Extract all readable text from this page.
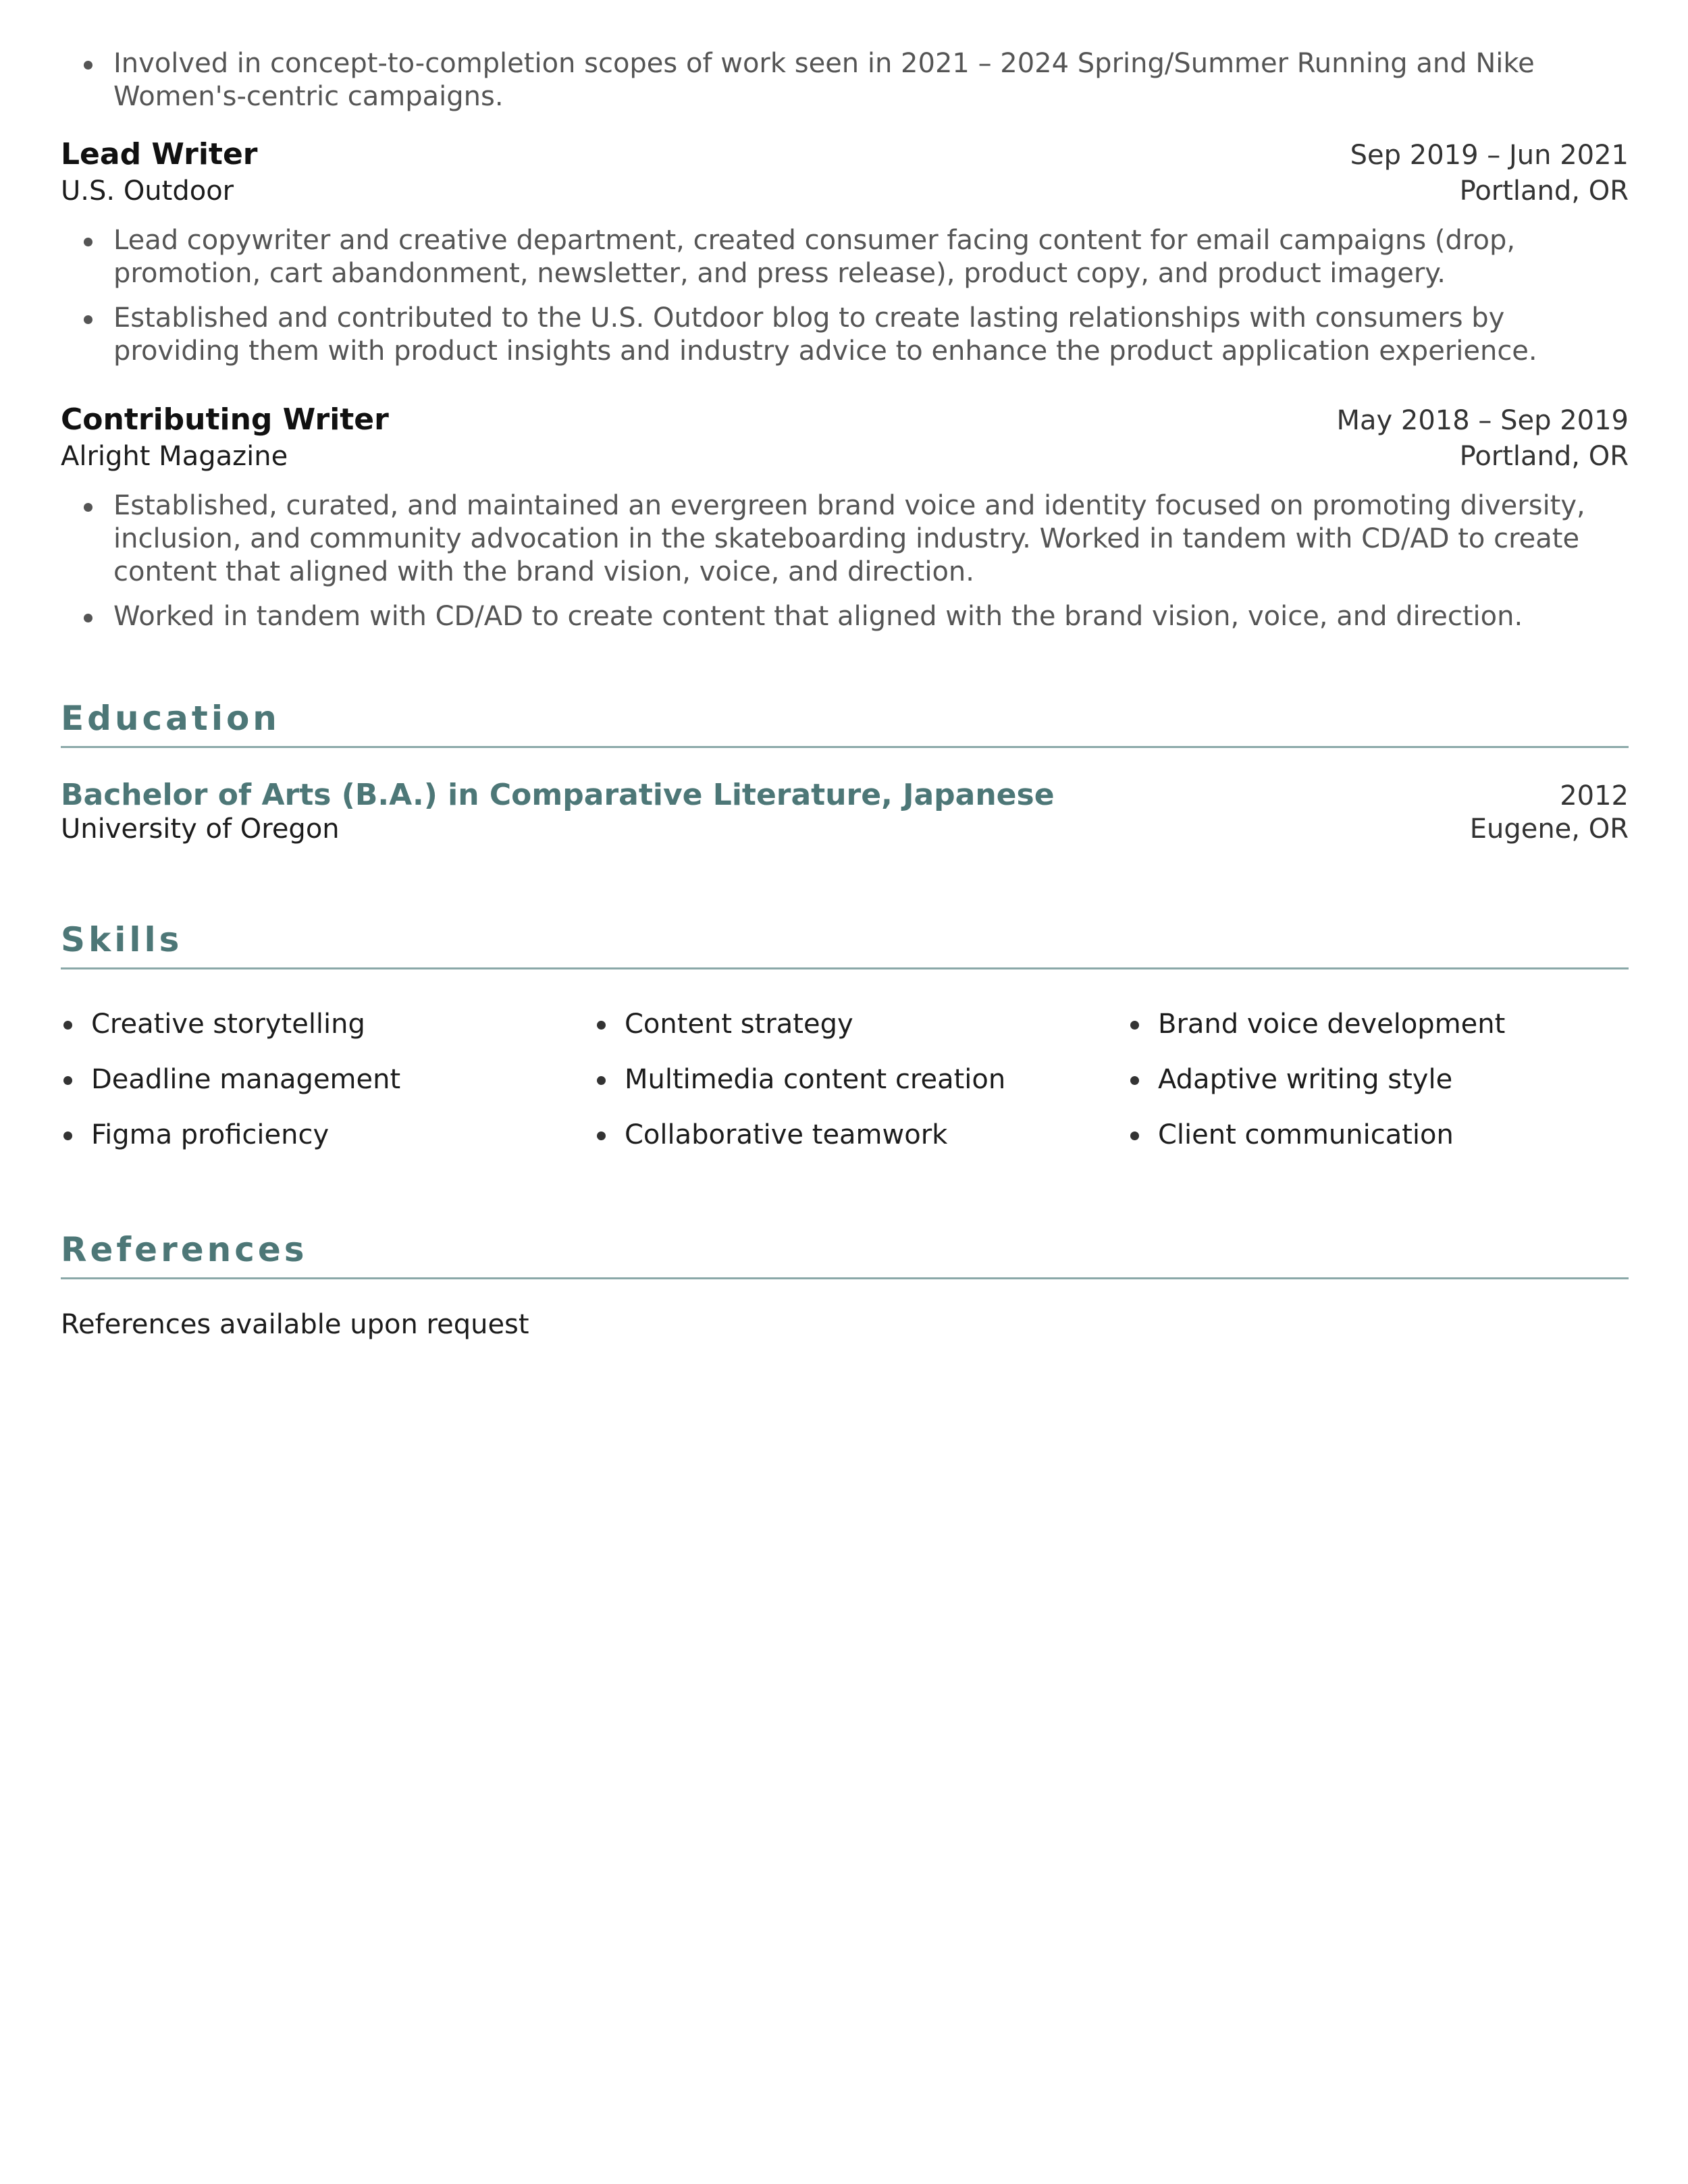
Involved in concept-to-completion scopes of work seen in 2021 – 2024 Spring/Summer Running and Nike Women's-centric campaigns.
Lead Writer	Sep 2019 – Jun 2021
U.S. Outdoor	Portland, OR
Lead copywriter and creative department, created consumer facing content for email campaigns (drop, promotion, cart abandonment, newsletter, and press release), product copy, and product imagery.
Established and contributed to the U.S. Outdoor blog to create lasting relationships with consumers by providing them with product insights and industry advice to enhance the product application experience.
Contributing Writer	May 2018 – Sep 2019
Alright Magazine	Portland, OR
Established, curated, and maintained an evergreen brand voice and identity focused on promoting diversity, inclusion, and community advocation in the skateboarding industry. Worked in tandem with CD/AD to create content that aligned with the brand vision, voice, and direction.
Worked in tandem with CD/AD to create content that aligned with the brand vision, voice, and direction.
Education
Bachelor of Arts (B.A.) in Comparative Literature, Japanese	2012
University of Oregon	Eugene, OR
Skills
Creative storytelling	Content strategy	Brand voice development
Deadline management	Multimedia content creation	Adaptive writing style
Figma proficiency	Collaborative teamwork	Client communication
References
References available upon request
